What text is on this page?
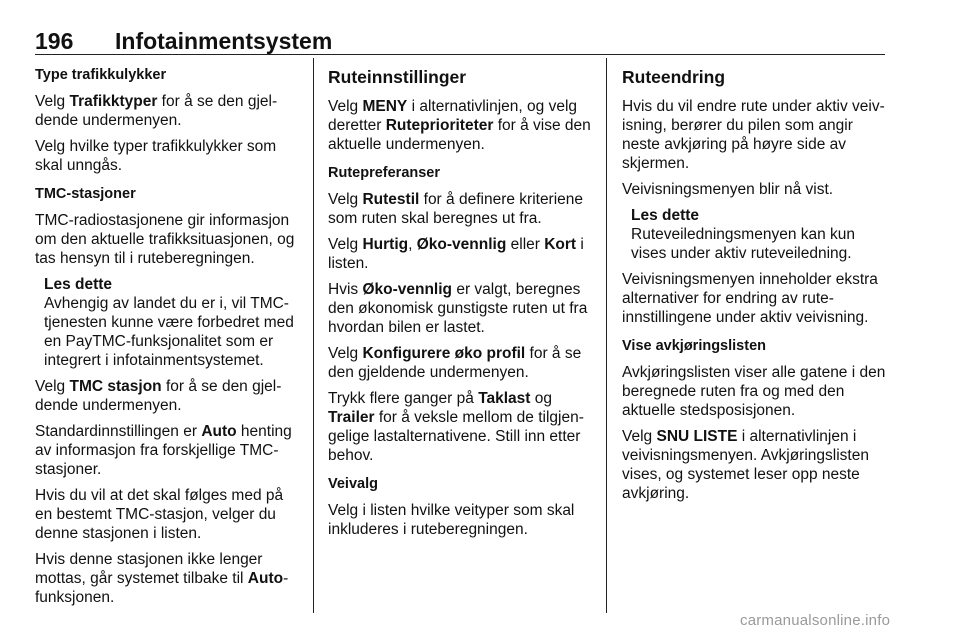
196 Infotainmentsystem

Type trafikkulykker

Velg Trafikktyper for å se den gjeldende undermenyen.

Velg hvilke typer trafikkulykker som skal unngås.

TMC-stasjoner

TMC-radiostasjonene gir informasjon om den aktuelle trafikksituasjonen, og tas hensyn til i ruteberegningen.

Les dette
Avhengig av landet du er i, vil TMC-tjenesten kunne være forbedret med en PayTMC-funksjonalitet som er integrert i infotainmentsystemet.

Velg TMC stasjon for å se den gjeldende undermenyen.

Standardinnstillingen er Auto henting av informasjon fra forskjellige TMC-stasjoner.

Hvis du vil at det skal følges med på en bestemt TMC-stasjon, velger du denne stasjonen i listen.

Hvis denne stasjonen ikke lenger mottas, går systemet tilbake til Auto-funksjonen.

Ruteinnstillinger

Velg MENY i alternativlinjen, og velg deretter Ruteprioriteter for å vise den aktuelle undermenyen.

Rutepreferanser

Velg Rutestil for å definere kriteriene som ruten skal beregnes ut fra.

Velg Hurtig, Øko-vennlig eller Kort i listen.

Hvis Øko-vennlig er valgt, beregnes den økonomisk gunstigste ruten ut fra hvordan bilen er lastet.

Velg Konfigurere øko profil for å se den gjeldende undermenyen.

Trykk flere ganger på Taklast og Trailer for å veksle mellom de tilgjengelige lastalternativene. Still inn etter behov.

Veivalg

Velg i listen hvilke veityper som skal inkluderes i ruteberegningen.

Ruteendring

Hvis du vil endre rute under aktiv veivisning, berører du pilen som angir neste avkjøring på høyre side av skjermen.

Veivisningsmenyen blir nå vist.

Les dette
Ruteveiledningsmenyen kan kun vises under aktiv ruteveiledning.

Veivisningsmenyen inneholder ekstra alternativer for endring av ruteinnstillingene under aktiv veivisning.

Vise avkjøringslisten

Avkjøringslisten viser alle gatene i den beregnede ruten fra og med den aktuelle stedsposisjonen.

Velg SNU LISTE i alternativlinjen i veivisningsmenyen. Avkjøringslisten vises, og systemet leser opp neste avkjøring.

carmanualsonline.info
